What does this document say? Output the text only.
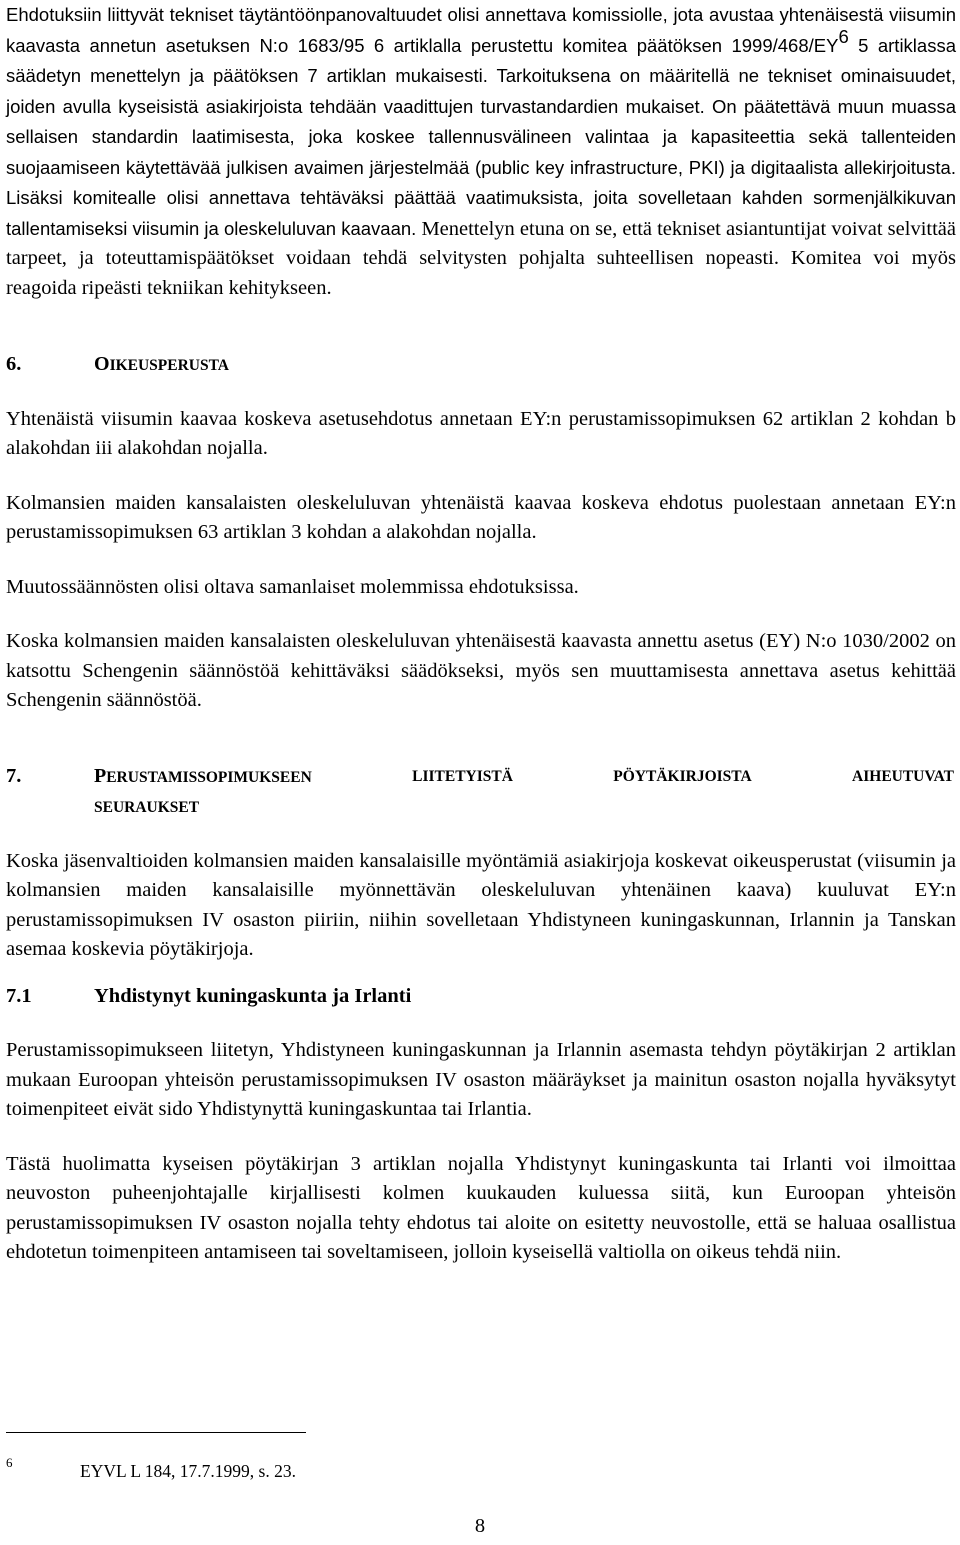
Ehdotuksiin liittyvät tekniset täytäntöönpanovaltuudet olisi annettava komissiolle, jota avustaa yhtenäisestä viisumin kaavasta annetun asetuksen N:o 1683/95 6 artiklalla perustettu komitea päätöksen $1999/468/EY^6$ 5 artiklassa säädetyn menettelyn ja päätöksen 7 artiklan mukaisesti. Tarkoituksena on määritellä ne tekniset ominaisuudet, joiden avulla kyseisistä asiakirjoista tehdään vaadittujen turvastandardien mukaiset. On päätettävä muun muassa sellaisen standardin laatimisesta, joka koskee tallennusvälineen valintaa ja kapasiteettia sekä tallenteiden suojaamiseen käytettävää julkisen avaimen järjestelmää (public key infrastructure, PKI) ja digitaalista allekirjoitusta. Lisäksi komitealle olisi annettava tehtäväksi päättää vaatimuksista, joita sovelletaan kahden sormenjälkikuvan tallentamiseksi viisumin ja oleskeluluvan kaavaan. Menettelyn etuna on se, että tekniset asiantuntijat voivat selvittää tarpeet, ja toteuttamispäätökset voidaan tehdä selvitysten pohjalta suhteellisen nopeasti. Komitea voi myös reagoida ripeästi tekniikan kehitykseen.

6.	OIKEUSPERUSTA

Yhtenäistä viisumin kaavaa koskeva asetusehdotus annetaan EY:n perustamissopimuksen 62 artiklan 2 kohdan b alakohdan iii alakohdan nojalla.

Kolmansien maiden kansalaisten oleskeluluvan yhtenäistä kaavaa koskeva ehdotus puolestaan annetaan EY:n perustamissopimuksen 63 artiklan 3 kohdan a alakohdan nojalla.

Muutossäännösten olisi oltava samanlaiset molemmissa ehdotuksissa.

Koska kolmansien maiden kansalaisten oleskeluluvan yhtenäisestä kaavasta annettu asetus (EY) N:o 1030/2002 on katsottu Schengenin säännöstöä kehittäväksi säädökseksi, myös sen muuttamisesta annettava asetus kehittää Schengenin säännöstöä.

7.	PERUSTAMISSOPIMUKSEEN	LIITETYISTÄ	PÖYTÄKIRJOISTA	AIHEUTUVAT
SEURAUKSET

Koska jäsenvaltioiden kolmansien maiden kansalaisille myöntämiä asiakirjoja koskevat oikeusperustat (viisumin ja kolmansien maiden kansalaisille myönnettävän oleskeluluvan yhtenäinen kaava) kuuluvat EY:n perustamissopimuksen IV osaston piiriin, niihin sovelletaan Yhdistyneen kuningaskunnan, Irlannin ja Tanskan asemaa koskevia pöytäkirjoja.

7.1	Yhdistynyt kuningaskunta ja Irlanti

Perustamissopimukseen liitetyn, Yhdistyneen kuningaskunnan ja Irlannin asemasta tehdyn pöytäkirjan 2 artiklan mukaan Euroopan yhteisön perustamissopimuksen IV osaston määräykset ja mainitun osaston nojalla hyväksytyt toimenpiteet eivät sido Yhdistynyttä kuningaskuntaa tai Irlantia.

Tästä huolimatta kyseisen pöytäkirjan 3 artiklan nojalla Yhdistynyt kuningaskunta tai Irlanti voi ilmoittaa neuvoston puheenjohtajalle kirjallisesti kolmen kuukauden kuluessa siitä, kun Euroopan yhteisön perustamissopimuksen IV osaston nojalla tehty ehdotus tai aloite on esitetty neuvostolle, että se haluaa osallistua ehdotetun toimenpiteen antamiseen tai soveltamiseen, jolloin kyseisellä valtiolla on oikeus tehdä niin.

6	EYVL L 184, 17.7.1999, s. 23.
8
